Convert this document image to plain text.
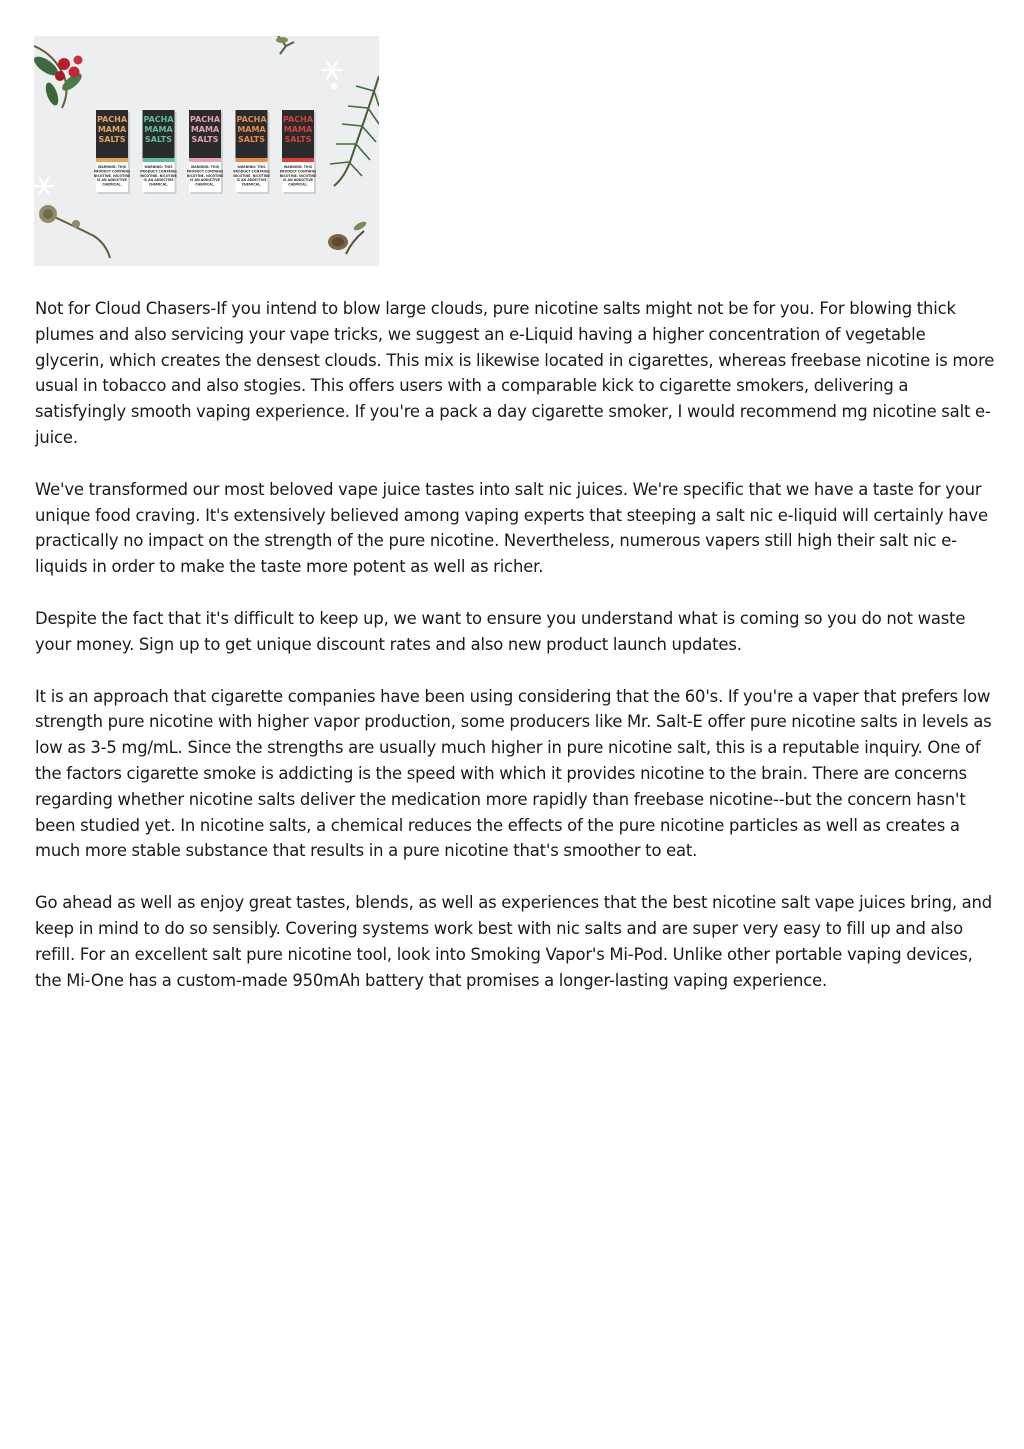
PACHA
MAMA
SALTS
WARNING: THIS
PRODUCT CONTAINS
NICOTINE. NICOTINE
IS AN ADDICTIVE
CHEMICAL.
PACHA
MAMA
SALTS
WARNING: THIS
PRODUCT CONTAINS
NICOTINE. NICOTINE
IS AN ADDICTIVE
CHEMICAL.
PACHA
MAMA
SALTS
WARNING: THIS
PRODUCT CONTAINS
NICOTINE. NICOTINE
IS AN ADDICTIVE
CHEMICAL.
PACHA
MAMA
SALTS
WARNING: THIS
PRODUCT CONTAINS
NICOTINE. NICOTINE
IS AN ADDICTIVE
CHEMICAL.
PACHA
MAMA
SALTS
WARNING: THIS
PRODUCT CONTAINS
NICOTINE. NICOTINE
IS AN ADDICTIVE
CHEMICAL.

Not for Cloud Chasers-If you intend to blow large clouds, pure nicotine salts might not be for you. For blowing thick plumes and also servicing your vape tricks, we suggest an e-Liquid having a higher concentration of vegetable glycerin, which creates the densest clouds. This mix is likewise located in cigarettes, whereas freebase nicotine is more usual in tobacco and also stogies. This offers users with a comparable kick to cigarette smokers, delivering a satisfyingly smooth vaping experience. If you're a pack a day cigarette smoker, I would recommend mg nicotine salt e-juice.

We've transformed our most beloved vape juice tastes into salt nic juices. We're specific that we have a taste for your unique food craving. It's extensively believed among vaping experts that steeping a salt nic e-liquid will certainly have practically no impact on the strength of the pure nicotine. Nevertheless, numerous vapers still high their salt nic e-liquids in order to make the taste more potent as well as richer.

Despite the fact that it's difficult to keep up, we want to ensure you understand what is coming so you do not waste your money. Sign up to get unique discount rates and also new product launch updates.

It is an approach that cigarette companies have been using considering that the 60's. If you're a vaper that prefers low strength pure nicotine with higher vapor production, some producers like Mr. Salt-E offer pure nicotine salts in levels as low as 3-5 mg/mL. Since the strengths are usually much higher in pure nicotine salt, this is a reputable inquiry. One of the factors cigarette smoke is addicting is the speed with which it provides nicotine to the brain. There are concerns regarding whether nicotine salts deliver the medication more rapidly than freebase nicotine--but the concern hasn't been studied yet. In nicotine salts, a chemical reduces the effects of the pure nicotine particles as well as creates a much more stable substance that results in a pure nicotine that's smoother to eat.

Go ahead as well as enjoy great tastes, blends, as well as experiences that the best nicotine salt vape juices bring, and keep in mind to do so sensibly. Covering systems work best with nic salts and are super very easy to fill up and also refill. For an excellent salt pure nicotine tool, look into Smoking Vapor's Mi-Pod. Unlike other portable vaping devices, the Mi-One has a custom-made 950mAh battery that promises a longer-lasting vaping experience.
